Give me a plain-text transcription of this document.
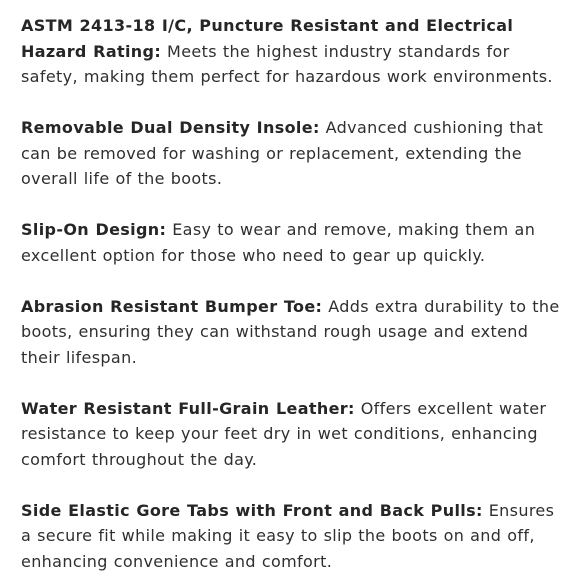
ASTM 2413-18 I/C, Puncture Resistant and Electrical Hazard Rating: Meets the highest industry standards for safety, making them perfect for hazardous work environments.

Removable Dual Density Insole: Advanced cushioning that can be removed for washing or replacement, extending the overall life of the boots.

Slip-On Design: Easy to wear and remove, making them an excellent option for those who need to gear up quickly.

Abrasion Resistant Bumper Toe: Adds extra durability to the boots, ensuring they can withstand rough usage and extend their lifespan.

Water Resistant Full-Grain Leather: Offers excellent water resistance to keep your feet dry in wet conditions, enhancing comfort throughout the day.

Side Elastic Gore Tabs with Front and Back Pulls: Ensures a secure fit while making it easy to slip the boots on and off, enhancing convenience and comfort.
